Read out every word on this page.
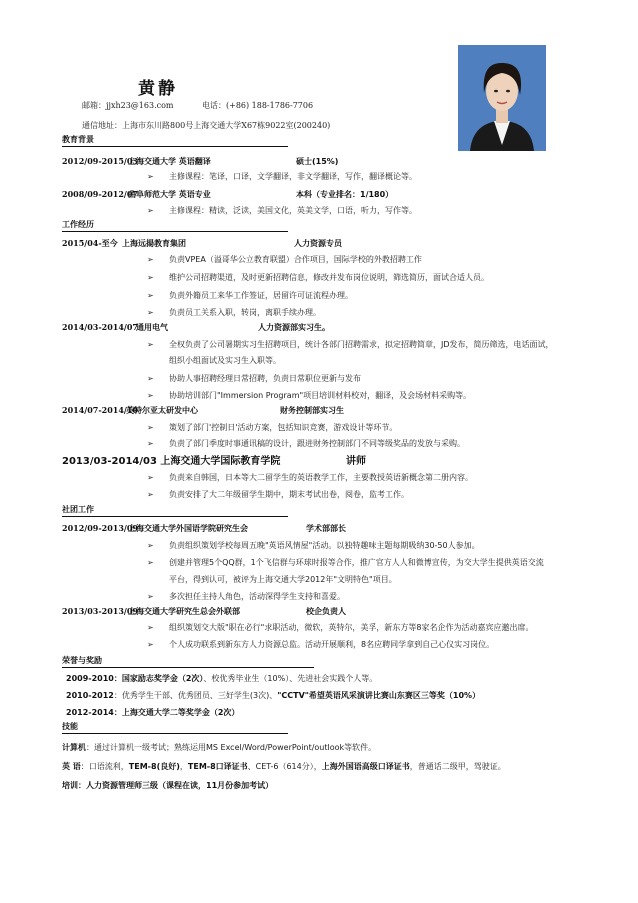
黄静
邮箱：jjxh23@163.com	电话：(+86) 188-1786-7706
通信地址：上海市东川路800号上海交通大学X67栋9022室(200240)
教育背景
2012/09-2015/03
上海交通大学 英语翻译	硕士(15%)
➢ 主修课程：笔译，口译，文学翻译，非文学翻译，写作，翻译概论等。
2008/09-2012/07
曲阜师范大学 英语专业	本科（专业排名：1/180）
➢ 主修课程：精读，泛读，美国文化，英美文学，口语，听力，写作等。
工作经历
2015/04-至今 上海远揚教育集团	人力资源专员
➢ 负责VPEA（溢哥华公立教育联盟）合作项目，国际学校的外教招聘工作
➢ 维护公司招聘渠道，及时更新招聘信息，修改并发布岗位说明，筛选简历，面试合适人员。
➢ 负责外籍员工来华工作签证，居留许可证流程办理。
➢ 负责员工关系入职，转岗，离职手续办理。
2014/03-2014/07
通用电气	人力资源部实习生。
➢ 全权负责了公司暑期实习生招聘项目，统计各部门招聘需求，拟定招聘简章，JD发布，简历筛选，电话面试，
组织小组面试及实习生入职等。
➢ 协助人事招聘经理日常招聘，负责日常职位更新与发布
➢ 协助培训部门"Immersion Program"项目培训材料校对，翻译，及会场材料采购等。
2014/07-2014/10
英特尔亚太研发中心	财务控制部实习生
➢ 策划了部门'控制日'活动方案，包括知识竞赛，游戏设计等环节。
➢ 负责了部门季度时事通讯稿的设计，跟进财务控制部门不同等级奖品的发放与采购。
2013/03-2014/03 上海交通大学国际教育学院	讲师
➢ 负责来自韩国，日本等大二留学生的英语教学工作，主要教授英语新概念第二册内容。
➢ 负责安排了大二年级留学生期中，期末考试出卷，阅卷，监考工作。
社团工作
2012/09-2013/09
上海交通大学外国语学院研究生会	学术部部长
➢ 负责组织策划学校每周五晚"英语风情屋"活动。以独特趣味主题每期吸纳30-50人参加。
➢ 创建并管理5个QQ群，1个飞信群与环球时报等合作，推广官方人人和微博宣传，为交大学生提供英语交流
平台，得到认可，被评为上海交通大学2012年"文明特色"项目。
➢ 多次担任主持人角色，活动深得学生支持和喜爱。
2013/03-2013/09
上海交通大学研究生总会外联部	校企负责人
➢ 组织策划交大版"职在必行"求职活动，微软，英特尔，美孚，新东方等8家名企作为活动嘉宾应邀出席。
➢ 个人成功联系到新东方人力资源总监。活动开展顺利，8名应聘同学拿到自己心仪实习岗位。
荣誉与奖励
2009-2010：国家励志奖学金（2次）、校优秀毕业生（10%）、先进社会实践个人等。
2010-2012：优秀学生干部、优秀团员、三好学生(3次)、"CCTV"希望英语风采演讲比赛山东赛区三等奖（10%）
2012-2014：上海交通大学二等奖学金（2次）
技能
计算机：通过计算机一级考试；熟练运用MS Excel/Word/PowerPoint/outlook等软件。
英 语：口语流利，TEM-8(良好)，TEM-8口译证书、CET-6（614分），上海外国语高级口译证书，普通话二级甲，驾驶证。
培训：人力资源管理师三级（课程在读，11月份参加考试）
